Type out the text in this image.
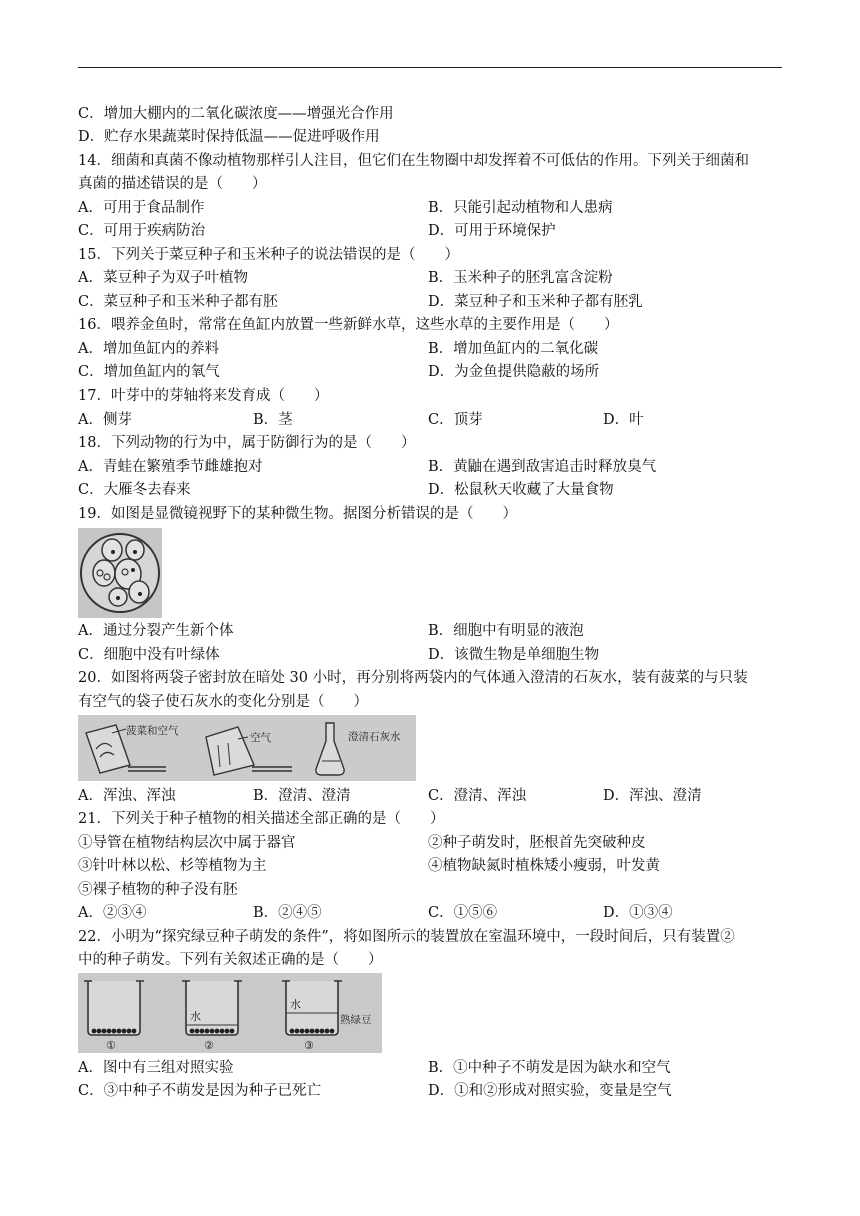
C．增加大棚内的二氧化碳浓度——增强光合作用
D．贮存水果蔬菜时保持低温——促进呼吸作用
14．细菌和真菌不像动植物那样引人注目，但它们在生物圈中却发挥着不可低估的作用。下列关于细菌和
真菌的描述错误的是（　　）
A．可用于食品制作	B．只能引起动植物和人患病
C．可用于疾病防治	D．可用于环境保护
15．下列关于菜豆种子和玉米种子的说法错误的是（　　）
A．菜豆种子为双子叶植物	B．玉米种子的胚乳富含淀粉
C．菜豆种子和玉米种子都有胚	D．菜豆种子和玉米种子都有胚乳
16．喂养金鱼时，常常在鱼缸内放置一些新鲜水草，这些水草的主要作用是（　　）
A．增加鱼缸内的养料	B．增加鱼缸内的二氧化碳
C．增加鱼缸内的氧气	D．为金鱼提供隐蔽的场所
17．叶芽中的芽轴将来发育成（　　）
A．侧芽	B．茎	C．顶芽	D．叶
18．下列动物的行为中，属于防御行为的是（　　）
A．青蛙在繁殖季节雌雄抱对	B．黄鼬在遇到敌害追击时释放臭气
C．大雁冬去春来	D．松鼠秋天收藏了大量食物
19．如图是显微镜视野下的某种微生物。据图分析错误的是（　　）
A．通过分裂产生新个体	B．细胞中有明显的液泡
C．细胞中没有叶绿体	D．该微生物是单细胞生物
20．如图将两袋子密封放在暗处 30 小时，再分别将两袋内的气体通入澄清的石灰水，装有菠菜的与只装
有空气的袋子使石灰水的变化分别是（　　）
菠菜和空气
空气	澄清石灰水
A．浑浊、浑浊	B．澄清、澄清	C．澄清、浑浊	D．浑浊、澄清
21．下列关于种子植物的相关描述全部正确的是（　　）
①导管在植物结构层次中属于器官	②种子萌发时，胚根首先突破种皮
③针叶林以松、杉等植物为主	④植物缺氮时植株矮小瘦弱，叶发黄
⑤裸子植物的种子没有胚
A．②③④	B．②④⑤	C．①⑤⑥	D．①③④
22．小明为“探究绿豆种子萌发的条件”，将如图所示的装置放在室温环境中，一段时间后，只有装置②
中的种子萌发。下列有关叙述正确的是（　　）
①
水
②
水
③
熟绿豆
A．图中有三组对照实验	B．①中种子不萌发是因为缺水和空气
C．③中种子不萌发是因为种子已死亡	D．①和②形成对照实验，变量是空气
